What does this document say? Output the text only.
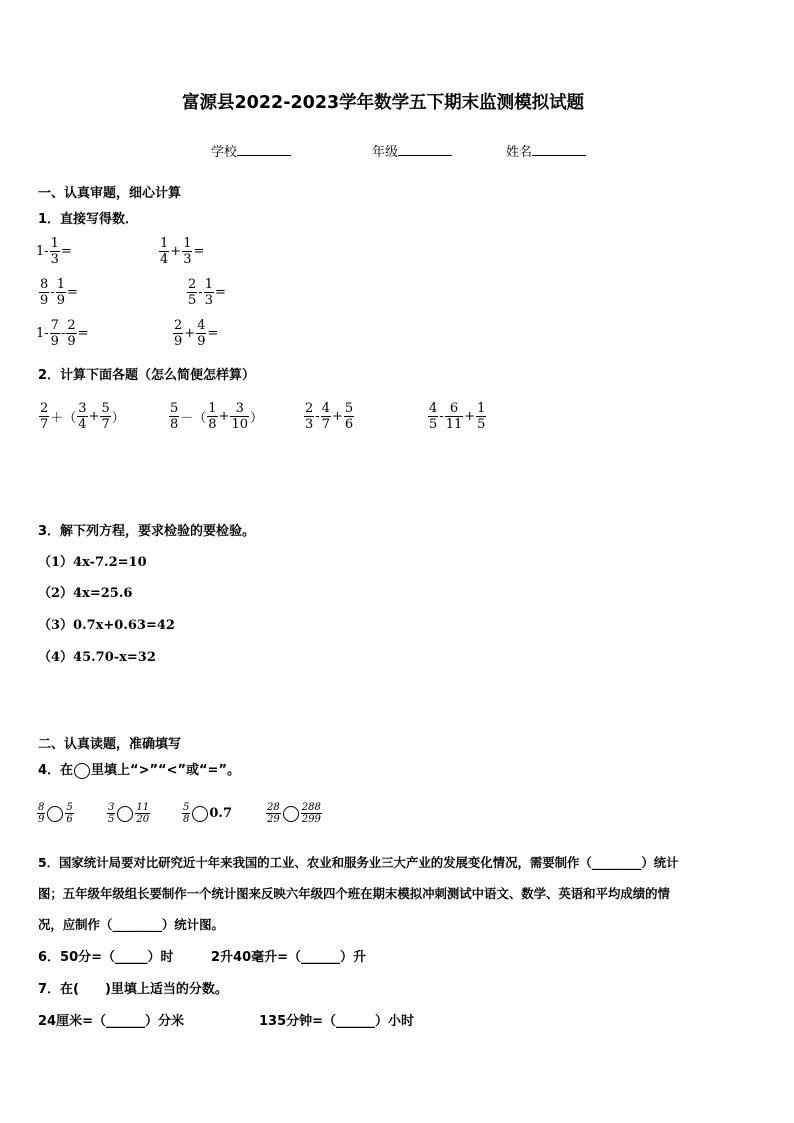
富源县2022-2023学年数学五下期末监测模拟试题
学校	年级	姓名
一、认真审题，细心计算
1．直接写得数．
$1- \frac{1}{3}$ =	$\frac{1}{4} + \frac{1}{3}$ =
$\frac{8}{9} - \frac{1}{9}$ =	$\frac{2}{5} - \frac{1}{3}$ =
$1- \frac{7}{9} - \frac{2}{9}$ =	$\frac{2}{9} + \frac{4}{9}$ =
2．计算下面各题（怎么简便怎样算）
$\frac{2}{7}$ ＋（ $\frac{3}{4} + \frac{5}{7}$ ）	$\frac{5}{8}$ －（ $\frac{1}{8} + \frac{3}{10}$ ）	$\frac{2}{3} - \frac{4}{7} + \frac{5}{6}$	$\frac{4}{5} - \frac{6}{11} + \frac{1}{5}$
3．解下列方程，要求检验的要检验。
（1）4x-7.2=10
（2）4x=25.6
（3）0.7x+0.63=42
（4）45.70-x=32
二、认真读题，准确填写
4．在 里填上“>”“<”或“=”。
$\frac{8}{9} \frac{5}{6}$	$\frac{3}{5} \frac{11}{20}$	$\frac{5}{8} 0.7$	$\frac{28}{29} \frac{288}{299}$
5．国家统计局要对比研究近十年来我国的工业、农业和服务业三大产业的发展变化情况，需要制作（________）统计
图；五年级年级组长要制作一个统计图来反映六年级四个班在期末模拟冲刺测试中语文、数学、英语和平均成绩的情
况，应制作（________）统计图。
6．50分=（_____）时	2升40毫升=（______）升
7．在(　　)里填上适当的分数。
24厘米=（______）分米	135分钟=（______）小时
